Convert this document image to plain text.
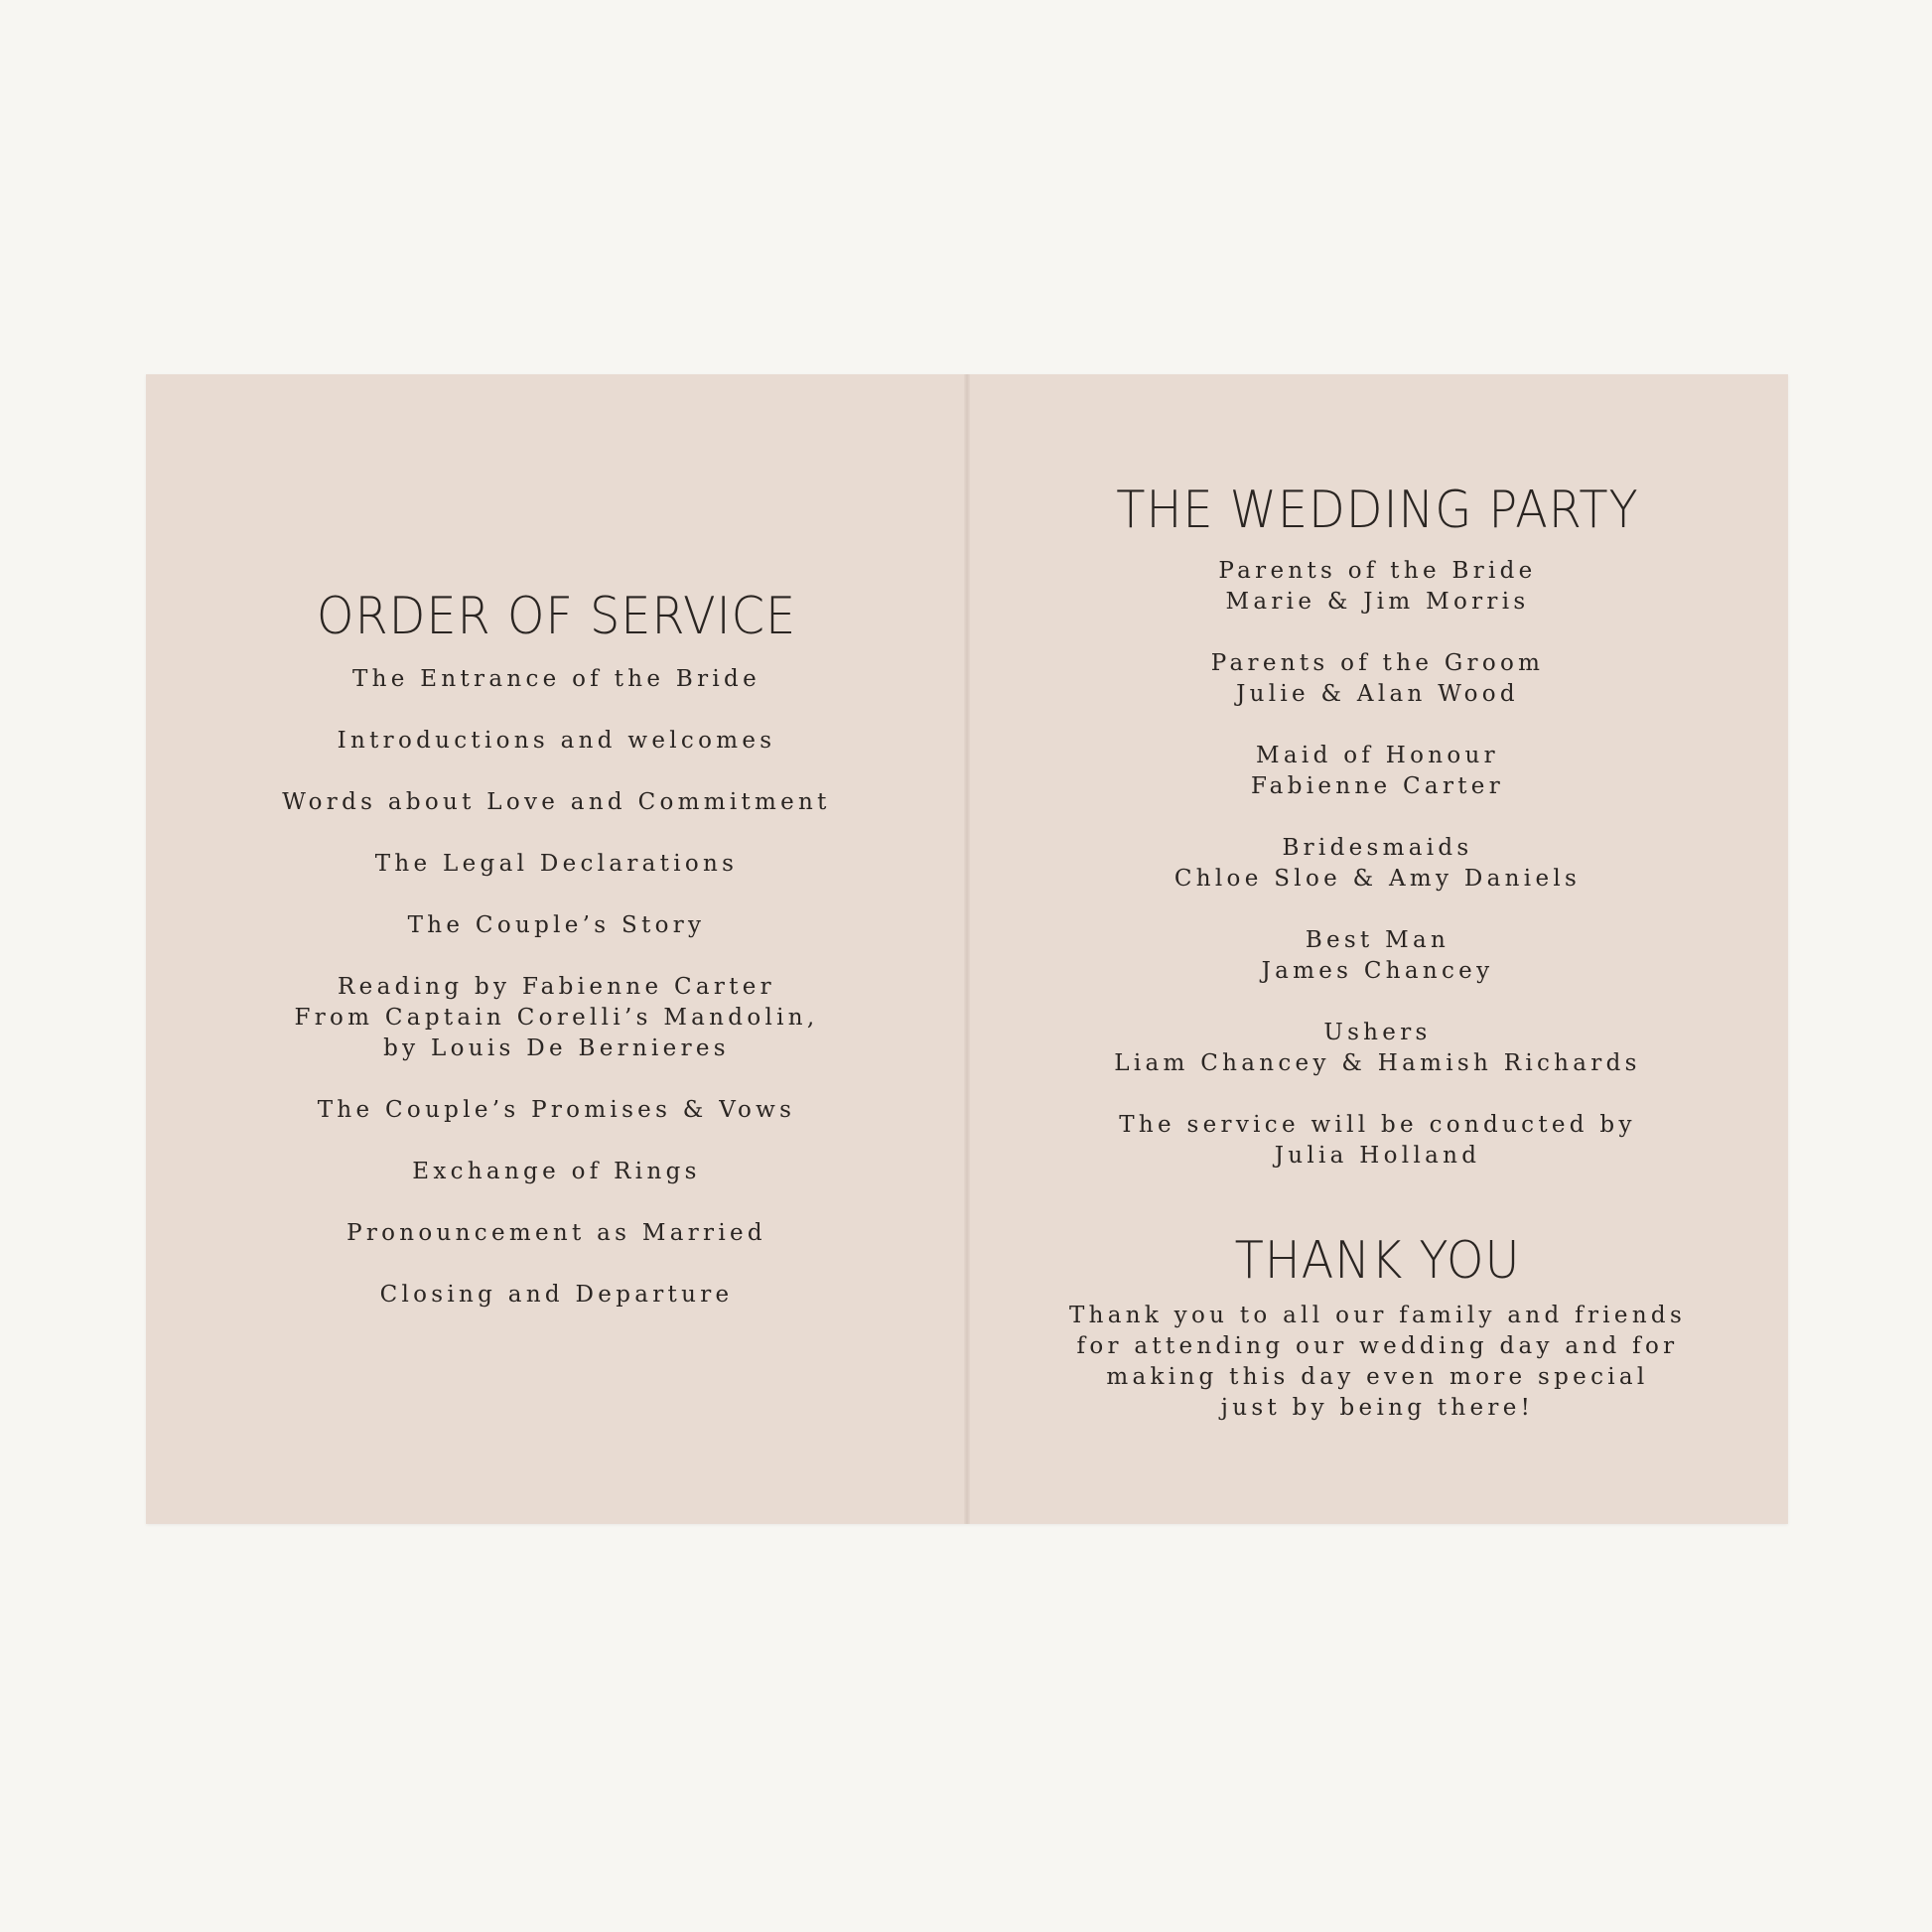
ORDER OF SERVICE
The Entrance of the Bride
Introductions and welcomes
Words about Love and Commitment
The Legal Declarations
The Couple’s Story
Reading by Fabienne Carter
From Captain Corelli’s Mandolin,
by Louis De Bernieres
The Couple’s Promises & Vows
Exchange of Rings
Pronouncement as Married
Closing and Departure
THE WEDDING PARTY
Parents of the Bride
Marie & Jim Morris
Parents of the Groom
Julie & Alan Wood
Maid of Honour
Fabienne Carter
Bridesmaids
Chloe Sloe & Amy Daniels
Best Man
James Chancey
Ushers
Liam Chancey & Hamish Richards
The service will be conducted by
Julia Holland
THANK YOU
Thank you to all our family and friends
for attending our wedding day and for
making this day even more special
just by being there!
